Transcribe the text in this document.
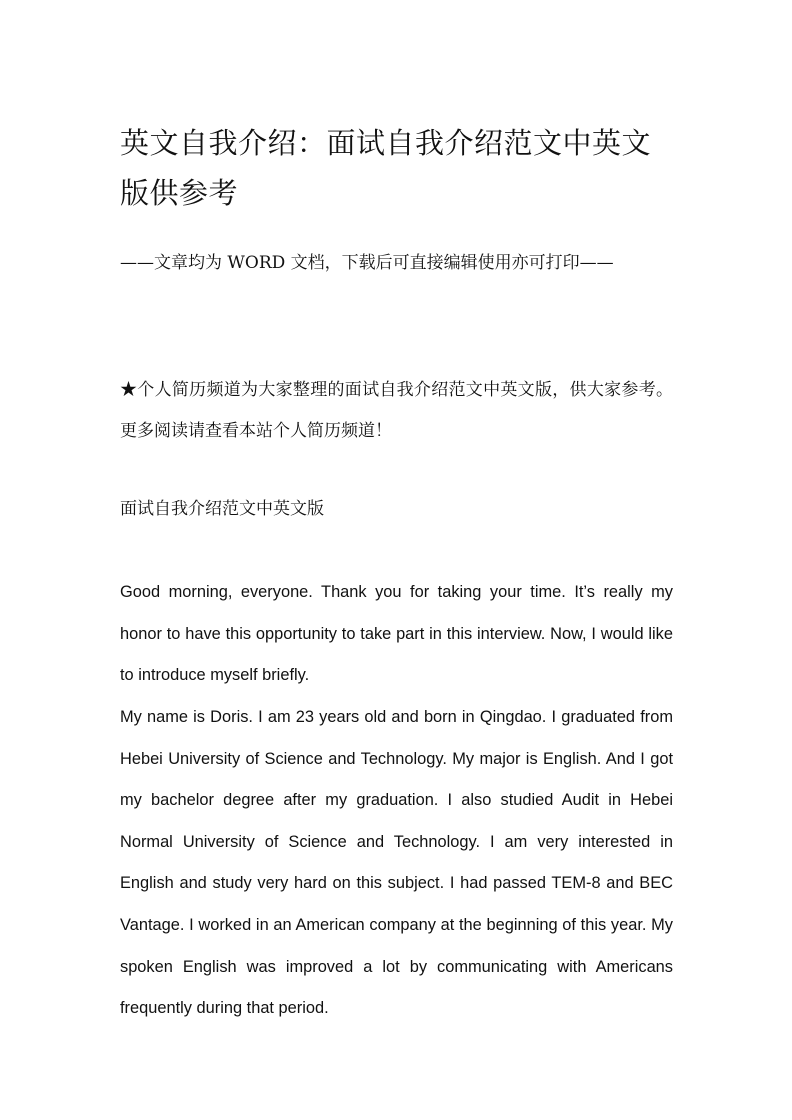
英文自我介绍：面试自我介绍范文中英文版供参考

——文章均为 WORD 文档，下载后可直接编辑使用亦可打印——

★个人简历频道为大家整理的面试自我介绍范文中英文版，供大家参考。更多阅读请查看本站个人简历频道！

面试自我介绍范文中英文版

Good morning, everyone. Thank you for taking your time. It’s really my honor to have this opportunity to take part in this interview. Now, I would like to introduce myself briefly.

My name is Doris. I am 23 years old and born in Qingdao. I graduated from Hebei University of Science and Technology. My major is English. And I got my bachelor degree after my graduation. I also studied Audit in Hebei Normal University of Science and Technology. I am very interested in English and study very hard on this subject. I had passed TEM-8 and BEC Vantage. I worked in an American company at the beginning of this year. My spoken English was improved a lot by communicating with Americans frequently during that period.
